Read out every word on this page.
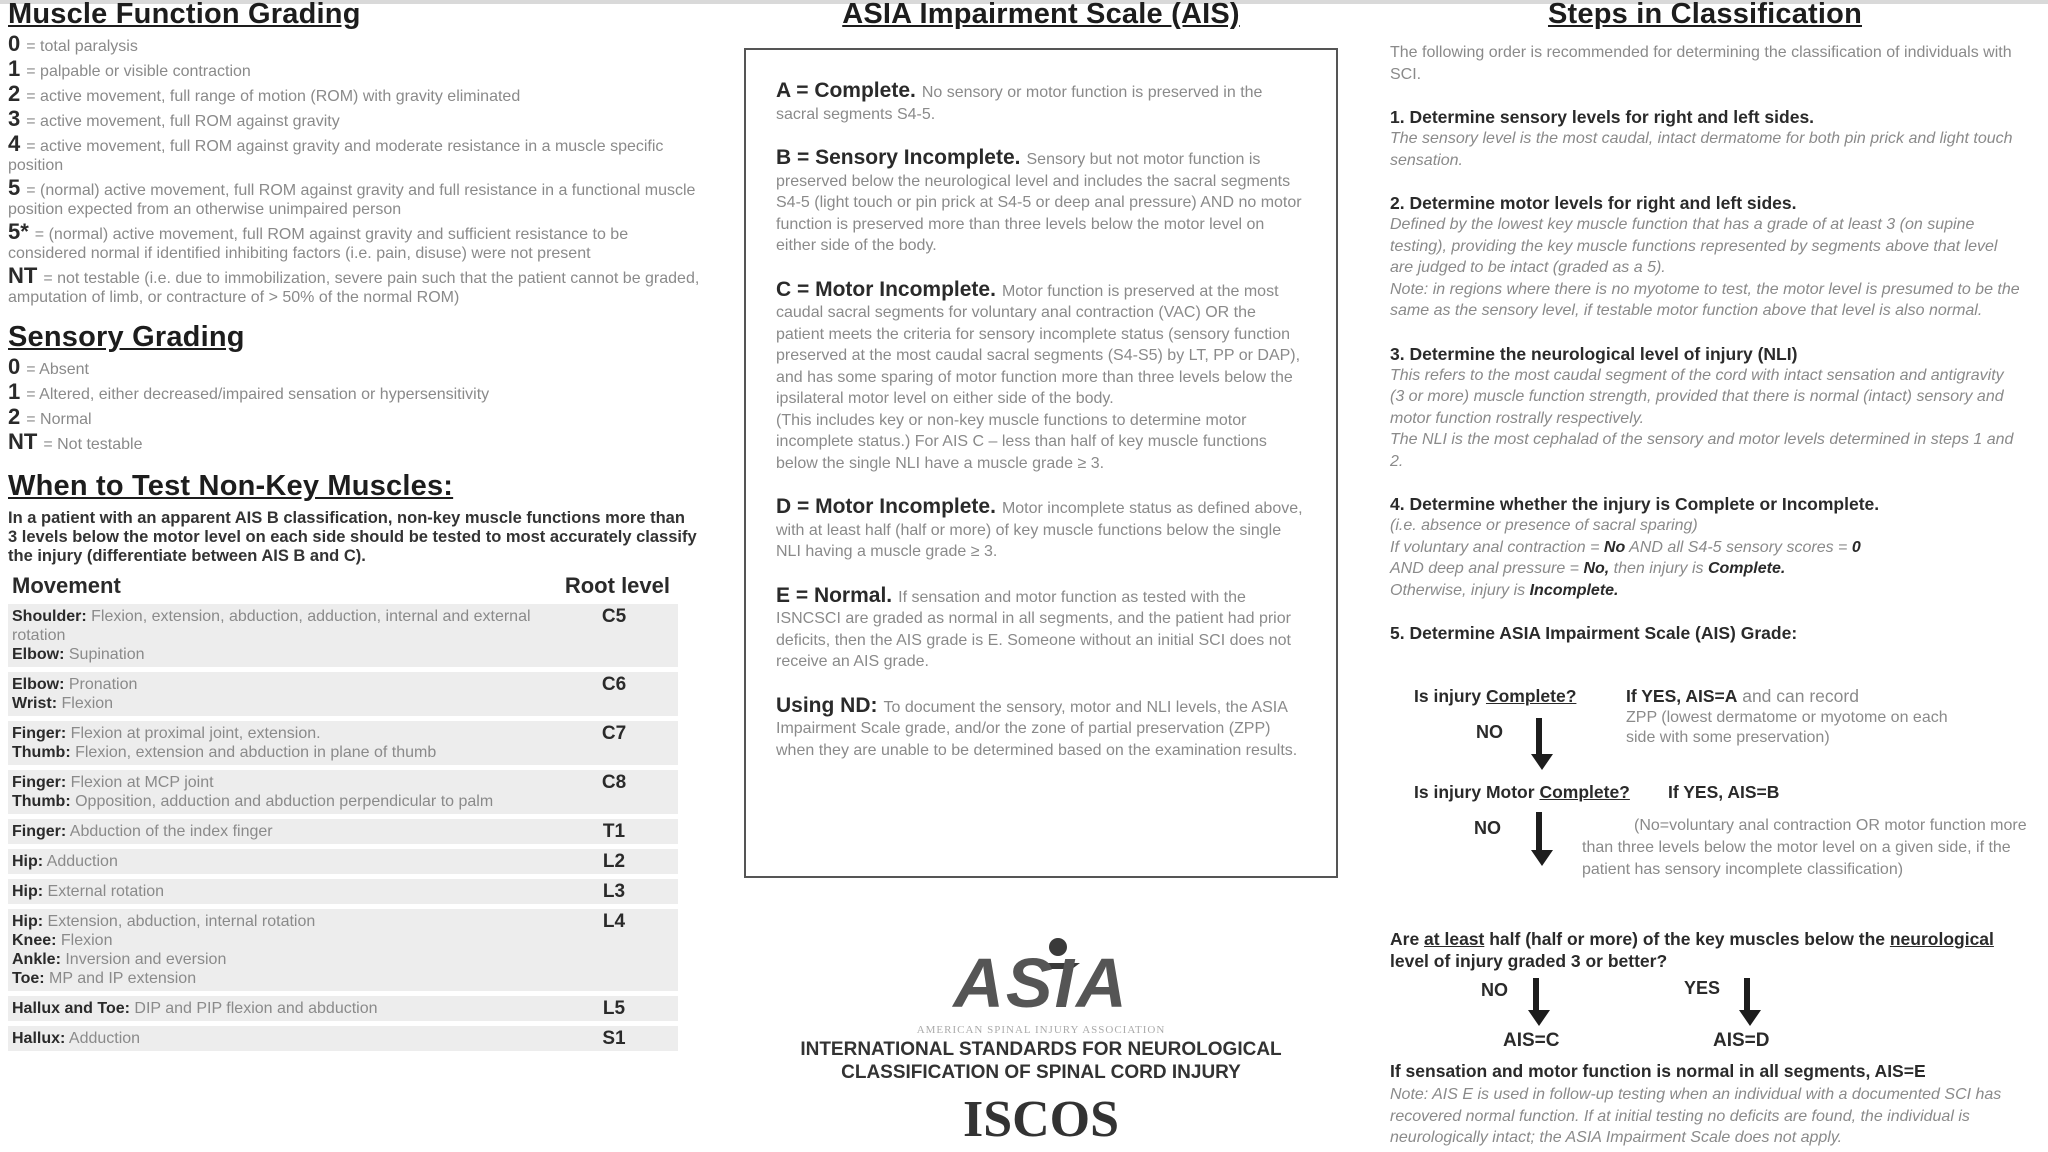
Muscle Function Grading
0 = total paralysis
1 = palpable or visible contraction
2 = active movement, full range of motion (ROM) with gravity eliminated
3 = active movement, full ROM against gravity
4 = active movement, full ROM against gravity and moderate resistance in a muscle specific position
5 = (normal) active movement, full ROM against gravity and full resistance in a functional muscle position expected from an otherwise unimpaired person
5* = (normal) active movement, full ROM against gravity and sufficient resistance to be considered normal if identified inhibiting factors (i.e. pain, disuse) were not present
NT = not testable (i.e. due to immobilization, severe pain such that the patient cannot be graded, amputation of limb, or contracture of > 50% of the normal ROM)
Sensory Grading
0 = Absent
1 = Altered, either decreased/impaired sensation or hypersensitivity
2 = Normal
NT = Not testable
When to Test Non-Key Muscles:
In a patient with an apparent AIS B classification, non-key muscle functions more than 3 levels below the motor level on each side should be tested to most accurately classify the injury (differentiate between AIS B and C).
Movement	Root level

Shoulder: Flexion, extension, abduction, adduction, internal and external rotation
Elbow: Supination	C5

Elbow: Pronation
Wrist: Flexion	C6

Finger: Flexion at proximal joint, extension.
Thumb: Flexion, extension and abduction in plane of thumb	C7

Finger: Flexion at MCP joint
Thumb: Opposition, adduction and abduction perpendicular to palm	C8

Finger: Abduction of the index finger	T1

Hip: Adduction	L2

Hip: External rotation	L3

Hip: Extension, abduction, internal rotation
Knee: Flexion
Ankle: Inversion and eversion
Toe: MP and IP extension	L4

Hallux and Toe: DIP and PIP flexion and abduction	L5

Hallux: Adduction	S1
ASIA Impairment Scale (AIS)
A = Complete. No sensory or motor function is preserved in the sacral segments S4-5.
B = Sensory Incomplete. Sensory but not motor function is preserved below the neurological level and includes the sacral segments S4-5 (light touch or pin prick at S4-5 or deep anal pressure) AND no motor function is preserved more than three levels below the motor level on either side of the body.
C = Motor Incomplete. Motor function is preserved at the most caudal sacral segments for voluntary anal contraction (VAC) OR the patient meets the criteria for sensory incomplete status (sensory function preserved at the most caudal sacral segments (S4-S5) by LT, PP or DAP), and has some sparing of motor function more than three levels below the ipsilateral motor level on either side of the body.
(This includes key or non-key muscle functions to determine motor incomplete status.) For AIS C – less than half of key muscle functions below the single NLI have a muscle grade ≥ 3.
D = Motor Incomplete. Motor incomplete status as defined above, with at least half (half or more) of key muscle functions below the single NLI having a muscle grade ≥ 3.
E = Normal. If sensation and motor function as tested with the ISNCSCI are graded as normal in all segments, and the patient had prior deficits, then the AIS grade is E. Someone without an initial SCI does not receive an AIS grade.
Using ND: To document the sensory, motor and NLI levels, the ASIA Impairment Scale grade, and/or the zone of partial preservation (ZPP) when they are unable to be determined based on the examination results.
ASIA
AMERICAN SPINAL INJURY ASSOCIATION
INTERNATIONAL STANDARDS FOR NEUROLOGICAL
CLASSIFICATION OF SPINAL CORD INJURY
ISCOS
Steps in Classification
The following order is recommended for determining the classification of individuals with SCI.
1. Determine sensory levels for right and left sides.
The sensory level is the most caudal, intact dermatome for both pin prick and light touch sensation.
2. Determine motor levels for right and left sides.
Defined by the lowest key muscle function that has a grade of at least 3 (on supine testing), providing the key muscle functions represented by segments above that level are judged to be intact (graded as a 5).
Note: in regions where there is no myotome to test, the motor level is presumed to be the same as the sensory level, if testable motor function above that level is also normal.
3. Determine the neurological level of injury (NLI)
This refers to the most caudal segment of the cord with intact sensation and antigravity (3 or more) muscle function strength, provided that there is normal (intact) sensory and motor function rostrally respectively.
The NLI is the most cephalad of the sensory and motor levels determined in steps 1 and 2.
4. Determine whether the injury is Complete or Incomplete.
(i.e. absence or presence of sacral sparing)
If voluntary anal contraction = No AND all S4-5 sensory scores = 0
AND deep anal pressure = No, then injury is Complete.
Otherwise, injury is Incomplete.
5. Determine ASIA Impairment Scale (AIS) Grade:
Is injury Complete?	If YES, AIS=A and can record
ZPP (lowest dermatome or myotome on each side with some preservation)
NO
Is injury Motor Complete? If YES, AIS=B
NO	(No=voluntary anal contraction OR motor function more than three levels below the motor level on a given side, if the patient has sensory incomplete classification)
Are at least half (half or more) of the key muscles below the neurological level of injury graded 3 or better?
NO	YES
AIS=C	AIS=D
If sensation and motor function is normal in all segments, AIS=E
Note: AIS E is used in follow-up testing when an individual with a documented SCI has recovered normal function. If at initial testing no deficits are found, the individual is neurologically intact; the ASIA Impairment Scale does not apply.
